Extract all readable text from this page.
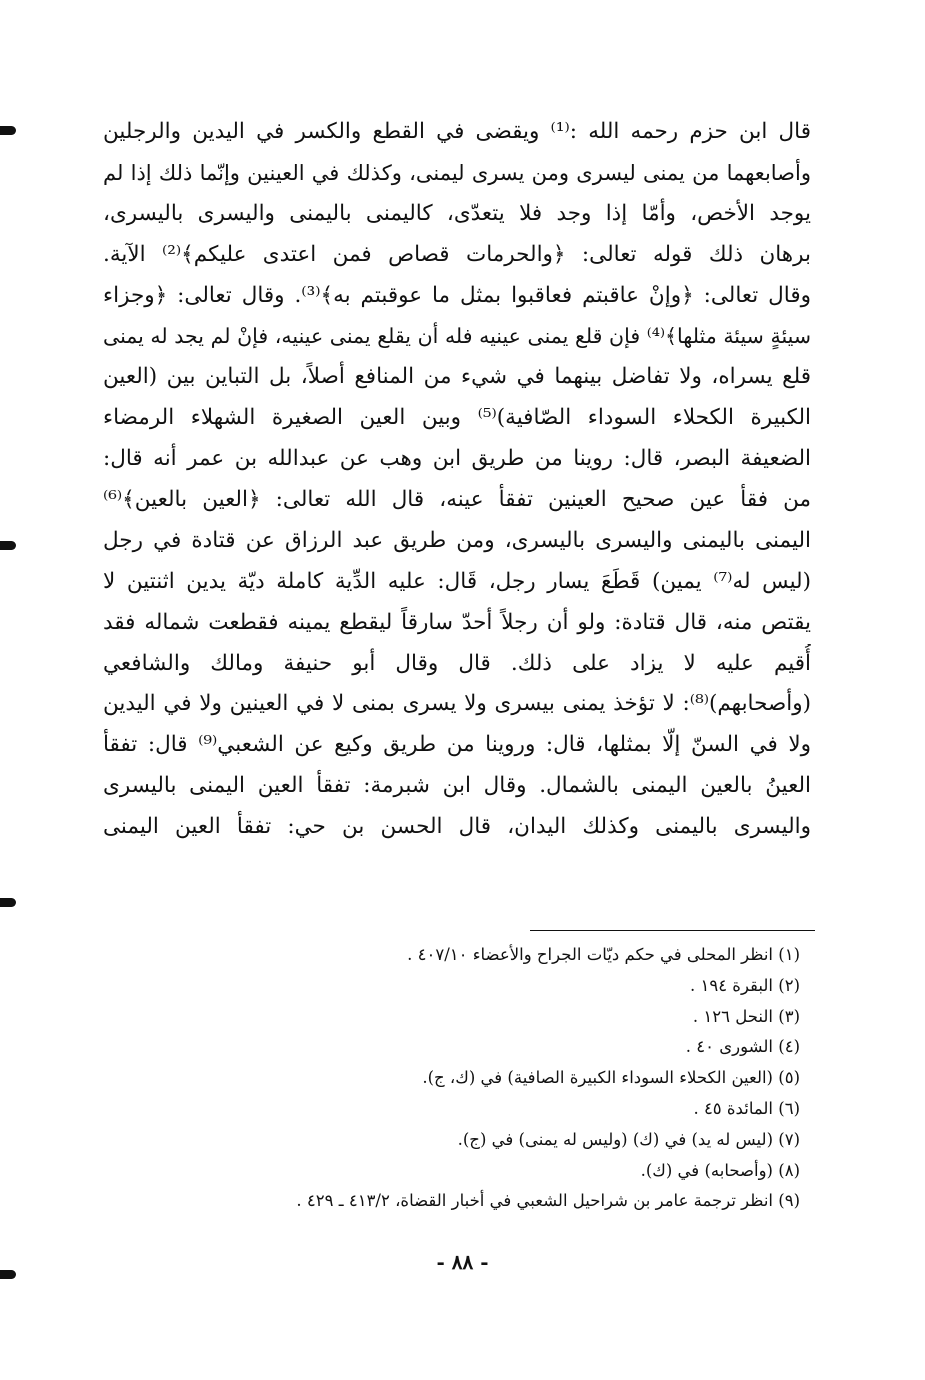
قال ابن حزم رحمه الله :⁽¹⁾ ويقضى في القطع والكسر في اليدين والرجلين
وأصابعهما من يمنى ليسرى ومن يسرى ليمنى، وكذلك في العينين وإنّما ذلك إذا لم
يوجد الأخص، وأمّا إذا وجد فلا يتعدّى، كاليمنى باليمنى واليسرى باليسرى،
برهان ذلك قوله تعالى: ﴿والحرمات قصاص فمن اعتدى عليكم﴾⁽²⁾ الآية.
وقال تعالى: ﴿وإنْ عاقبتم فعاقبوا بمثل ما عوقبتم به﴾⁽³⁾. وقال تعالى: ﴿وجزاء
سيئةٍ سيئة مثلها﴾⁽⁴⁾ فإن قلع يمنى عينيه فله أن يقلع يمنى عينيه، فإنْ لم يجد له يمنى
قلع يسراه، ولا تفاضل بينهما في شيء من المنافع أصلاً، بل التباين بين (العين
الكبيرة الكحلاء السوداء الصّافية)⁽⁵⁾ وبين العين الصغيرة الشهلاء الرمضاء
الضعيفة البصر، قال: روينا من طريق ابن وهب عن عبدالله بن عمر أنه قال:
من فقأ عين صحيح العينين تفقأ عينه، قال الله تعالى: ﴿العين بالعين﴾⁽⁶⁾
اليمنى باليمنى واليسرى باليسرى، ومن طريق عبد الرزاق عن قتادة في رجل
(ليس له⁽⁷⁾ يمين) قَطَعَ يسار رجل، قَال: عليه الدِّية كاملة ديّة يدين اثنتين لا
يقتص منه، قال قتادة: ولو أن رجلاً أحدّ سارقاً ليقطع يمينه فقطعت شماله فقد
أُقيم عليه لا يزاد على ذلك. قال وقال أبو حنيفة ومالك والشافعي
(وأصحابهم)⁽⁸⁾: لا تؤخذ يمنى بيسرى ولا يسرى بمنى لا في العينين ولا في اليدين
ولا في السنّ إلّا بمثلها، قال: وروينا من طريق وكيع عن الشعبي⁽⁹⁾ قال: تفقأ
العينُ بالعين اليمنى بالشمال. وقال ابن شبرمة: تفقأ العين اليمنى باليسرى
واليسرى باليمنى وكذلك اليدان، قال الحسن بن حي: تفقأ العين اليمنى
(١) انظر المحلى في حكم ديّات الجراح والأعضاء ٤٠٧/١٠ .
(٢) البقرة ١٩٤ .
(٣) النحل ١٢٦ .
(٤) الشورى ٤٠ .
(٥) (العين الكحلاء السوداء الكبيرة الصافية) في (ك، ج).
(٦) المائدة ٤٥ .
(٧) (ليس له يد) في (ك) (وليس له يمنى) في (ج).
(٨) (وأصحابه) في (ك).
(٩) انظر ترجمة عامر بن شراحيل الشعبي في أخبار القضاة، ٤١٣/٢ ـ ٤٢٩ .
- ٨٨ -
